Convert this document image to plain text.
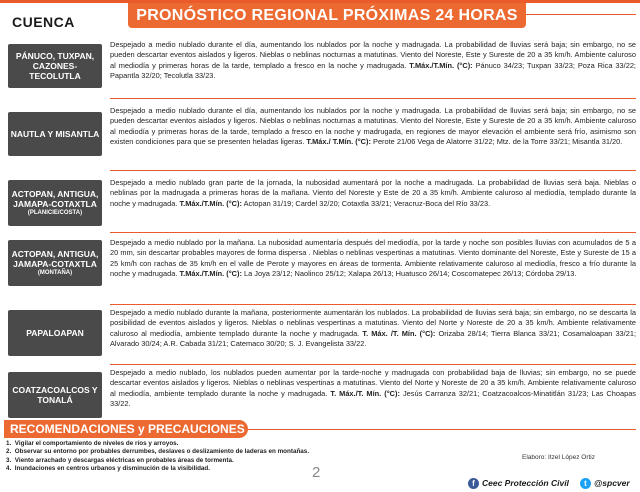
CUENCA	PRONÓSTICO REGIONAL PRÓXIMAS 24 HORAS
PÁNUCO, TUXPAN, CAZONES-TECOLUTLA
Despejado a medio nublado durante el día, aumentando los nublados por la noche y madrugada. La probabilidad de lluvias será baja; sin embargo, no se pueden descartar eventos aislados y ligeros. Nieblas o neblinas nocturnas a matutinas. Viento del Noreste, Este y Sureste de 20 a 35 km/h. Ambiente caluroso al mediodía y primeras horas de la tarde, templado a fresco en la noche y madrugada. T.Máx./T.Mín. (°C): Pánuco 34/23; Tuxpan 33/23; Poza Rica 33/22; Papantla 32/20; Tecolutla 33/23.
NAUTLA Y MISANTLA
Despejado a medio nublado durante el día, aumentando los nublados por la noche y madrugada. La probabilidad de lluvias será baja; sin embargo, no se pueden descartar eventos aislados y ligeros. Nieblas o neblinas nocturnas a matutinas. Viento del Noreste, Este y Sureste de 20 a 35 km/h. Ambiente caluroso al mediodía y primeras horas de la tarde, templado a fresco en la noche y madrugada, en regiones de mayor elevación el ambiente será frío, asimismo son existen condiciones para que se presenten heladas ligeras. T.Máx./ T.Mín. (°C): Perote 21/06 Vega de Alatorre 31/22; Mtz. de la Torre 33/21; Misantla 31/20.
ACTOPAN, ANTIGUA, JAMAPA-COTAXTLA
(PLANICIE/COSTA)
Despejado a medio nublado gran parte de la jornada, la nubosidad aumentará por la noche a madrugada. La probabilidad de lluvias será baja. Nieblas o neblinas por la madrugada a primeras horas de la mañana. Viento del Noreste y Este de 20 a 35 km/h. Ambiente caluroso al mediodía, templado durante la noche y madrugada. T.Máx./T.Mín. (°C): Actopan 31/19; Cardel 32/20; Cotaxtla 33/21; Veracruz-Boca del Río 33/23.
ACTOPAN, ANTIGUA, JAMAPA-COTAXTLA
(MONTAÑA)
Despejado a medio nublado por la mañana. La nubosidad aumentaría después del mediodía, por la tarde y noche son posibles lluvias con acumulados de 5 a 20 mm, sin descartar probables mayores de forma dispersa . Nieblas o neblinas vespertinas a matutinas. Viento dominante del Noreste, Este y Sureste de 15 a 25 km/h con rachas de 35 km/h en el valle de Perote y mayores en áreas de tormenta. Ambiente relativamente caluroso al mediodía, fresco a frío durante la noche y madrugada. T.Máx./T.Mín. (°C): La Joya 23/12; Naolinco 25/12; Xalapa 26/13; Huatusco 26/14; Coscomatepec 26/13; Córdoba 29/13.
PAPALOAPAN
Despejado a medio nublado durante la mañana, posteriormente aumentarán los nublados. La probabilidad de lluvias será baja; sin embargo, no se descarta la posibilidad de eventos aislados y ligeros. Nieblas o neblinas vespertinas a matutinas. Viento del Norte y Noreste de 20 a 35 km/h. Ambiente relativamente caluroso al mediodía, ambiente templado durante la noche y madrugada. T. Máx. /T. Mín. (°C): Orizaba 28/14; Tierra Blanca 33/21; Cosamaloapan 33/21; Alvarado 30/24; A.R. Cabada 31/21; Catemaco 30/20; S. J. Evangelista 33/22.
COATZACOALCOS Y TONALÁ
Despejado a medio nublado, los nublados pueden aumentar por la tarde-noche y madrugada con probabilidad baja de lluvias; sin embargo, no se puede descartar eventos aislados y ligeros. Nieblas o neblinas vespertinas a matutinas. Viento del Norte y Noreste de 20 a 35 km/h. Ambiente relativamente caluroso al mediodía, ambiente templado durante la noche y madrugada. T. Máx./T. Mín. (°C): Jesús Carranza 32/21; Coatzacoalcos-Minatitlán 31/23; Las Choapas 33/22.
RECOMENDACIONES y PRECAUCIONES
1. Vigilar el comportamiento de niveles de ríos y arroyos.
2. Observar su entorno por probables derrumbes, deslaves o deslizamiento de laderas en montañas.
3. Viento arrachado y descargas eléctricas en probables áreas de tormenta.
4. Inundaciones en centros urbanos y disminución de la visibilidad.
Elaboro: Itzel López Ortiz
2
f Ceec Protección Civil	t @spcver
